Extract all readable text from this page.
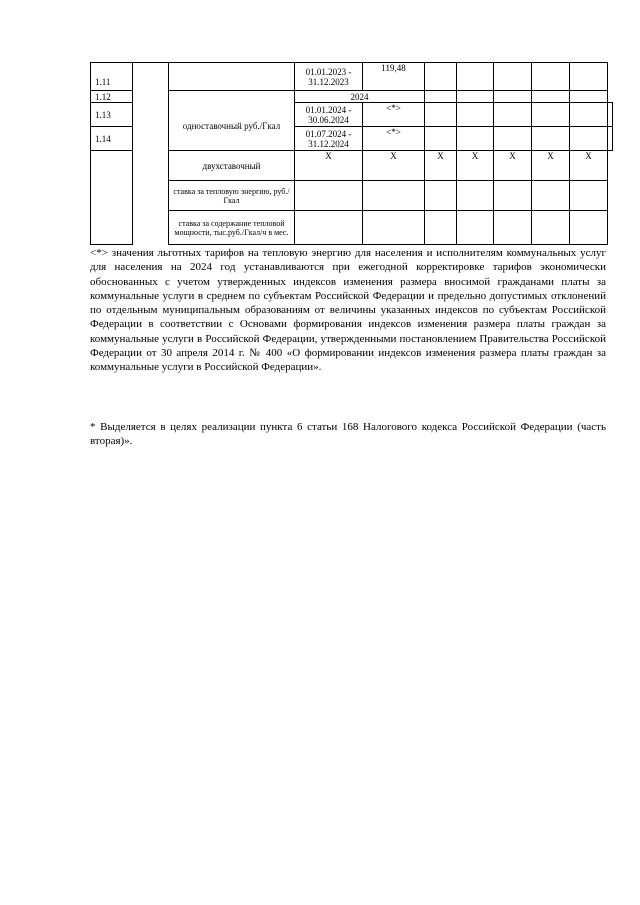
1.11			01.01.2023 - 31.12.2023	119,48						
1.12			2024							
1.13		одноставочный руб./Гкал	01.01.2024 - 30.06.2024	<*>						
1.14			01.07.2024 - 31.12.2024	<*>						
		двухставочный	Х	Х	Х	Х	Х	Х	Х	
		ставка за тепловую энергию, руб./Гкал								
		ставка за содержание тепловой мощности, тыс.руб./Гкал/ч в мес.								

<*> значения льготных тарифов на тепловую энергию для населения и исполнителям коммунальных услуг для населения на 2024 год устанавливаются при ежегодной корректировке тарифов экономически обоснованных с учетом утвержденных индексов изменения размера вносимой гражданами платы за коммунальные услуги в среднем по субъектам Российской Федерации и предельно допустимых отклонений по отдельным муниципальным образованиям от величины указанных индексов по субъектам Российской Федерации в соответствии с Основами формирования индексов изменения размера платы граждан за коммунальные услуги в Российской Федерации, утвержденными постановлением Правительства Российской Федерации от 30 апреля 2014 г. № 400 «О формировании индексов изменения размера платы граждан за коммунальные услуги в Российской Федерации».

* Выделяется в целях реализации пункта 6 статьи 168 Налогового кодекса Российской Федерации (часть вторая)».
